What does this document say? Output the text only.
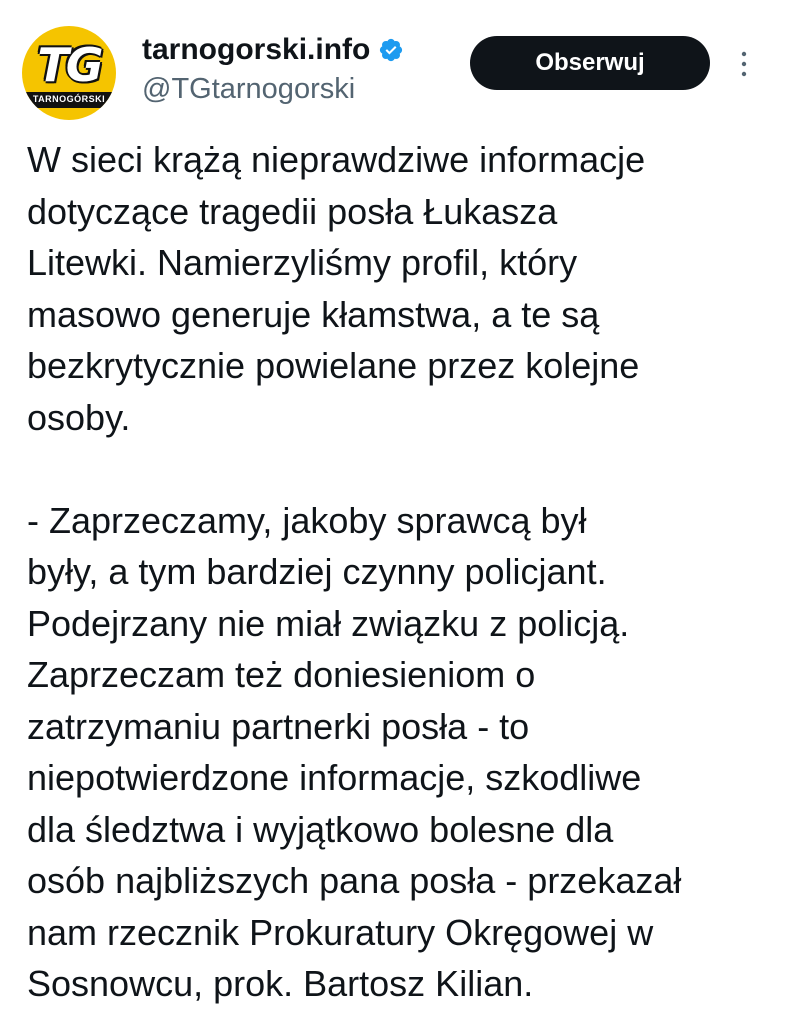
TG
TARNOGÓRSKI
tarnogorski.info
@TGtarnogorski
Obserwuj
W sieci krążą nieprawdziwe informacje
dotyczące tragedii posła Łukasza
Litewki. Namierzyliśmy profil, który
masowo generuje kłamstwa, a te są
bezkrytycznie powielane przez kolejne
osoby.
- Zaprzeczamy, jakoby sprawcą był
były, a tym bardziej czynny policjant.
Podejrzany nie miał związku z policją.
Zaprzeczam też doniesieniom o
zatrzymaniu partnerki posła - to
niepotwierdzone informacje, szkodliwe
dla śledztwa i wyjątkowo bolesne dla
osób najbliższych pana posła - przekazał
nam rzecznik Prokuratury Okręgowej w
Sosnowcu, prok. Bartosz Kilian.
